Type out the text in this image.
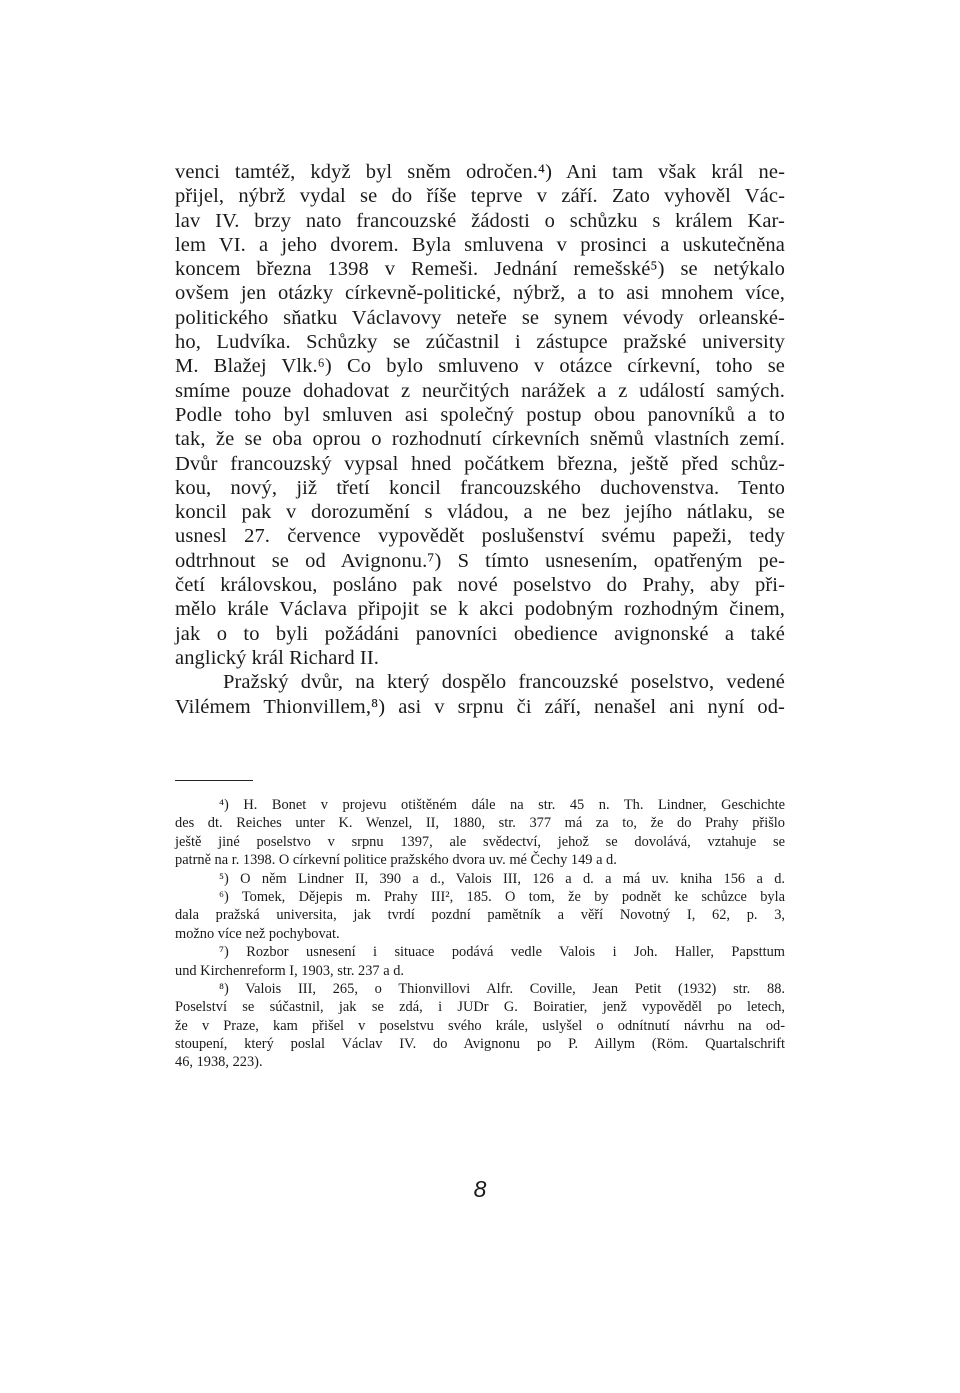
venci tamtéž, když byl sněm odročen.⁴) Ani tam však král ne-
přijel, nýbrž vydal se do říše teprve v září. Zato vyhověl Vác-
lav IV. brzy nato francouzské žádosti o schůzku s králem Kar-
lem VI. a jeho dvorem. Byla smluvena v prosinci a uskutečněna
koncem března 1398 v Remeši. Jednání remešské⁵) se netýkalo
ovšem jen otázky církevně-politické, nýbrž, a to asi mnohem více,
politického sňatku Václavovy neteře se synem vévody orleanské-
ho, Ludvíka. Schůzky se zúčastnil i zástupce pražské university
M. Blažej Vlk.⁶) Co bylo smluveno v otázce církevní, toho se
smíme pouze dohadovat z neurčitých narážek a z událostí samých.
Podle toho byl smluven asi společný postup obou panovníků a to
tak, že se oba oprou o rozhodnutí církevních sněmů vlastních zemí.
Dvůr francouzský vypsal hned počátkem března, ještě před schůz-
kou, nový, již třetí koncil francouzského duchovenstva. Tento
koncil pak v dorozumění s vládou, a ne bez jejího nátlaku, se
usnesl 27. července vypovědět poslušenství svému papeži, tedy
odtrhnout se od Avignonu.⁷) S tímto usnesením, opatřeným pe-
četí královskou, posláno pak nové poselstvo do Prahy, aby při-
mělo krále Václava připojit se k akci podobným rozhodným činem,
jak o to byli požádáni panovníci obedience avignonské a také
anglický král Richard II.
Pražský dvůr, na který dospělo francouzské poselstvo, vedené
Vilémem Thionvillem,⁸) asi v srpnu či září, nenašel ani nyní od-
⁴) H. Bonet v projevu otištěném dále na str. 45 n. Th. Lindner, Geschichte
des dt. Reiches unter K. Wenzel, II, 1880, str. 377 má za to, že do Prahy přišlo
ještě jiné poselstvo v srpnu 1397, ale svědectví, jehož se dovolává, vztahuje se
patrně na r. 1398. O církevní politice pražského dvora uv. mé Čechy 149 a d.
⁵) O něm Lindner II, 390 a d., Valois III, 126 a d. a má uv. kniha 156 a d.
⁶) Tomek, Dějepis m. Prahy III², 185. O tom, že by podnět ke schůzce byla
dala pražská universita, jak tvrdí pozdní pamětník a věří Novotný I, 62, p. 3,
možno více než pochybovat.
⁷) Rozbor usnesení i situace podává vedle Valois i Joh. Haller, Papsttum
und Kirchenreform I, 1903, str. 237 a d.
⁸) Valois III, 265, o Thionvillovi Alfr. Coville, Jean Petit (1932) str. 88.
Poselství se súčastnil, jak se zdá, i JUDr G. Boiratier, jenž vypověděl po letech,
že v Praze, kam přišel v poselstvu svého krále, uslyšel o odnítnutí návrhu na od-
stoupení, který poslal Václav IV. do Avignonu po P. Aillym (Röm. Quartalschrift
46, 1938, 223).
8
